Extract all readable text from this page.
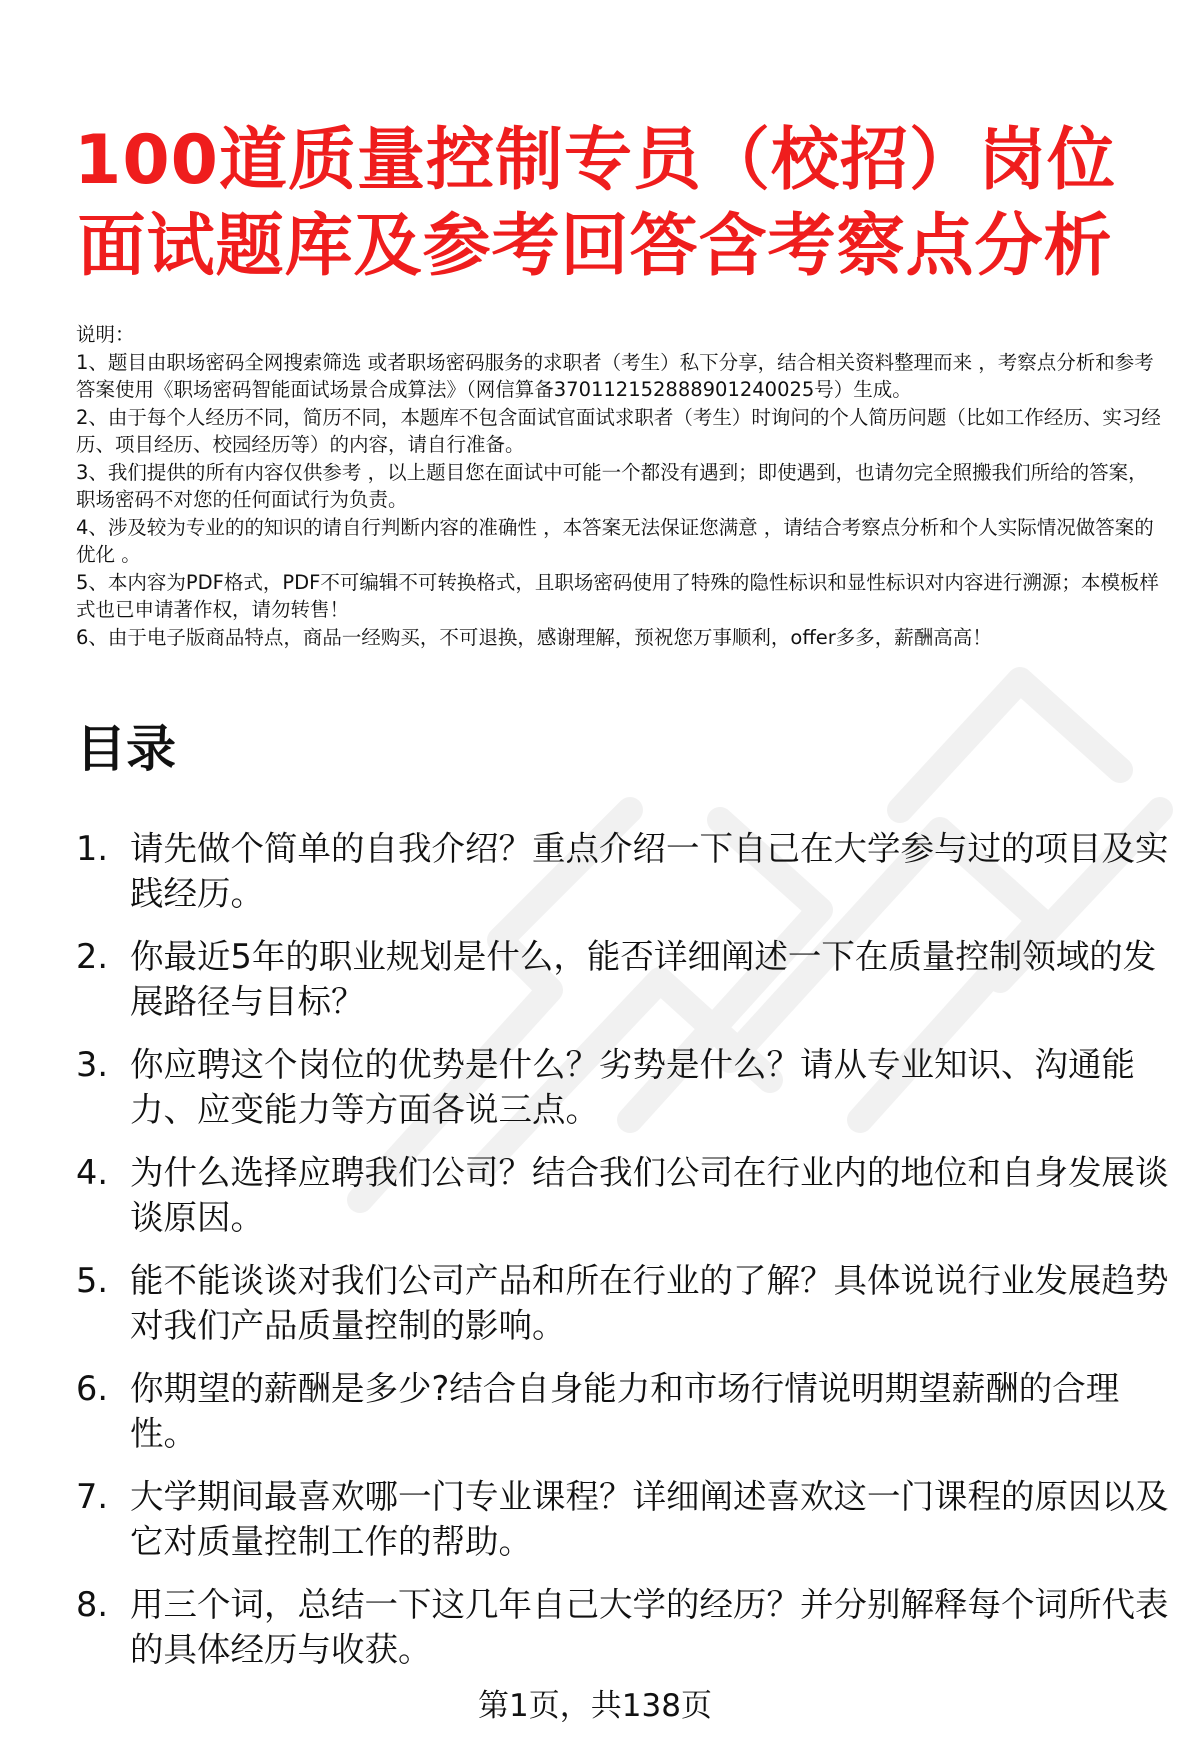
100道质量控制专员（校招）岗位面试题库及参考回答含考察点分析

说明：

1、题目由职场密码全网搜索筛选 或者职场密码服务的求职者（考生）私下分享，结合相关资料整理而来 ，考察点分析和参考答案使用《职场密码智能面试场景合成算法》（网信算备370112152888901240025号）生成。

2、由于每个人经历不同，简历不同，本题库不包含面试官面试求职者（考生）时询问的个人简历问题（比如工作经历、实习经历、项目经历、校园经历等）的内容，请自行准备。

3、我们提供的所有内容仅供参考 ，以上题目您在面试中可能一个都没有遇到；即使遇到，也请勿完全照搬我们所给的答案，职场密码不对您的任何面试行为负责。

4、涉及较为专业的的知识的请自行判断内容的准确性 ，本答案无法保证您满意 ，请结合考察点分析和个人实际情况做答案的优化 。

5、本内容为PDF格式，PDF不可编辑不可转换格式，且职场密码使用了特殊的隐性标识和显性标识对内容进行溯源；本模板样式也已申请著作权，请勿转售！

6、由于电子版商品特点，商品一经购买，不可退换，感谢理解，预祝您万事顺利，offer多多，薪酬高高！

目录
1. 请先做个简单的自我介绍？重点介绍一下自己在大学参与过的项目及实践经历。
2. 你最近5年的职业规划是什么，能否详细阐述一下在质量控制领域的发展路径与目标？
3. 你应聘这个岗位的优势是什么？劣势是什么？请从专业知识、沟通能力、应变能力等方面各说三点。
4. 为什么选择应聘我们公司？结合我们公司在行业内的地位和自身发展谈谈原因。
5. 能不能谈谈对我们公司产品和所在行业的了解？具体说说行业发展趋势对我们产品质量控制的影响。
6. 你期望的薪酬是多少?结合自身能力和市场行情说明期望薪酬的合理性。
7. 大学期间最喜欢哪一门专业课程？详细阐述喜欢这一门课程的原因以及它对质量控制工作的帮助。
8. 用三个词，总结一下这几年自己大学的经历？并分别解释每个词所代表的具体经历与收获。
第1页，共138页
